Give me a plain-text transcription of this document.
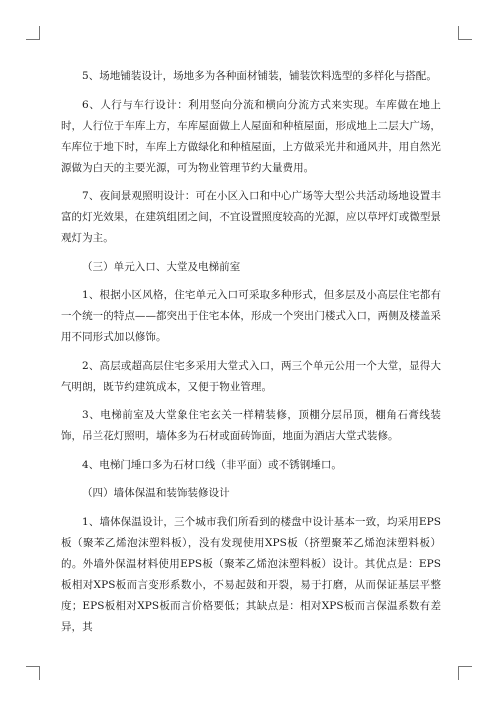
5、场地铺装设计，场地多为各种面材铺装，铺装饮料选型的多样化与搭配。

6、人行与车行设计：利用竖向分流和横向分流方式来实现。车库做在地上时，人行位于车库上方，车库屋面做上人屋面和种植屋面，形成地上二层大广场，车库位于地下时，车库上方做绿化和种植屋面，上方做采光井和通风井，用自然光源做为白天的主要光源，可为物业管理节约大量费用。

7、夜间景观照明设计：可在小区入口和中心广场等大型公共活动场地设置丰富的灯光效果，在建筑组团之间，不宜设置照度较高的光源，应以草坪灯或微型景观灯为主。

（三）单元入口、大堂及电梯前室

1、根据小区风格，住宅单元入口可采取多种形式，但多层及小高层住宅都有一个统一的特点——都突出于住宅本体，形成一个突出门楼式入口，两侧及楼盖采用不同形式加以修饰。

2、高层或超高层住宅多采用大堂式入口，两三个单元公用一个大堂，显得大气明朗，既节约建筑成本，又便于物业管理。

3、电梯前室及大堂象住宅玄关一样精装修，顶棚分层吊顶，棚角石膏线装饰，吊兰花灯照明，墙体多为石材或面砖饰面，地面为酒店大堂式装修。

4、电梯门埵口多为石材口线（非平面）或不锈钢埵口。

（四）墙体保温和装饰装修设计

1、墙体保温设计，三个城市我们所看到的楼盘中设计基本一致，均采用EPS板（聚苯乙烯泡沫塑料板），没有发现使用XPS板（挤塑聚苯乙烯泡沫塑料板）的。外墙外保温材料使用EPS板（聚苯乙烯泡沫塑料板）设计。其优点是：EPS板相对XPS板而言变形系数小，不易起鼓和开裂，易于打磨，从而保证基层平整度；EPS板相对XPS板而言价格要低；其缺点是：相对XPS板而言保温系数有差异，其
